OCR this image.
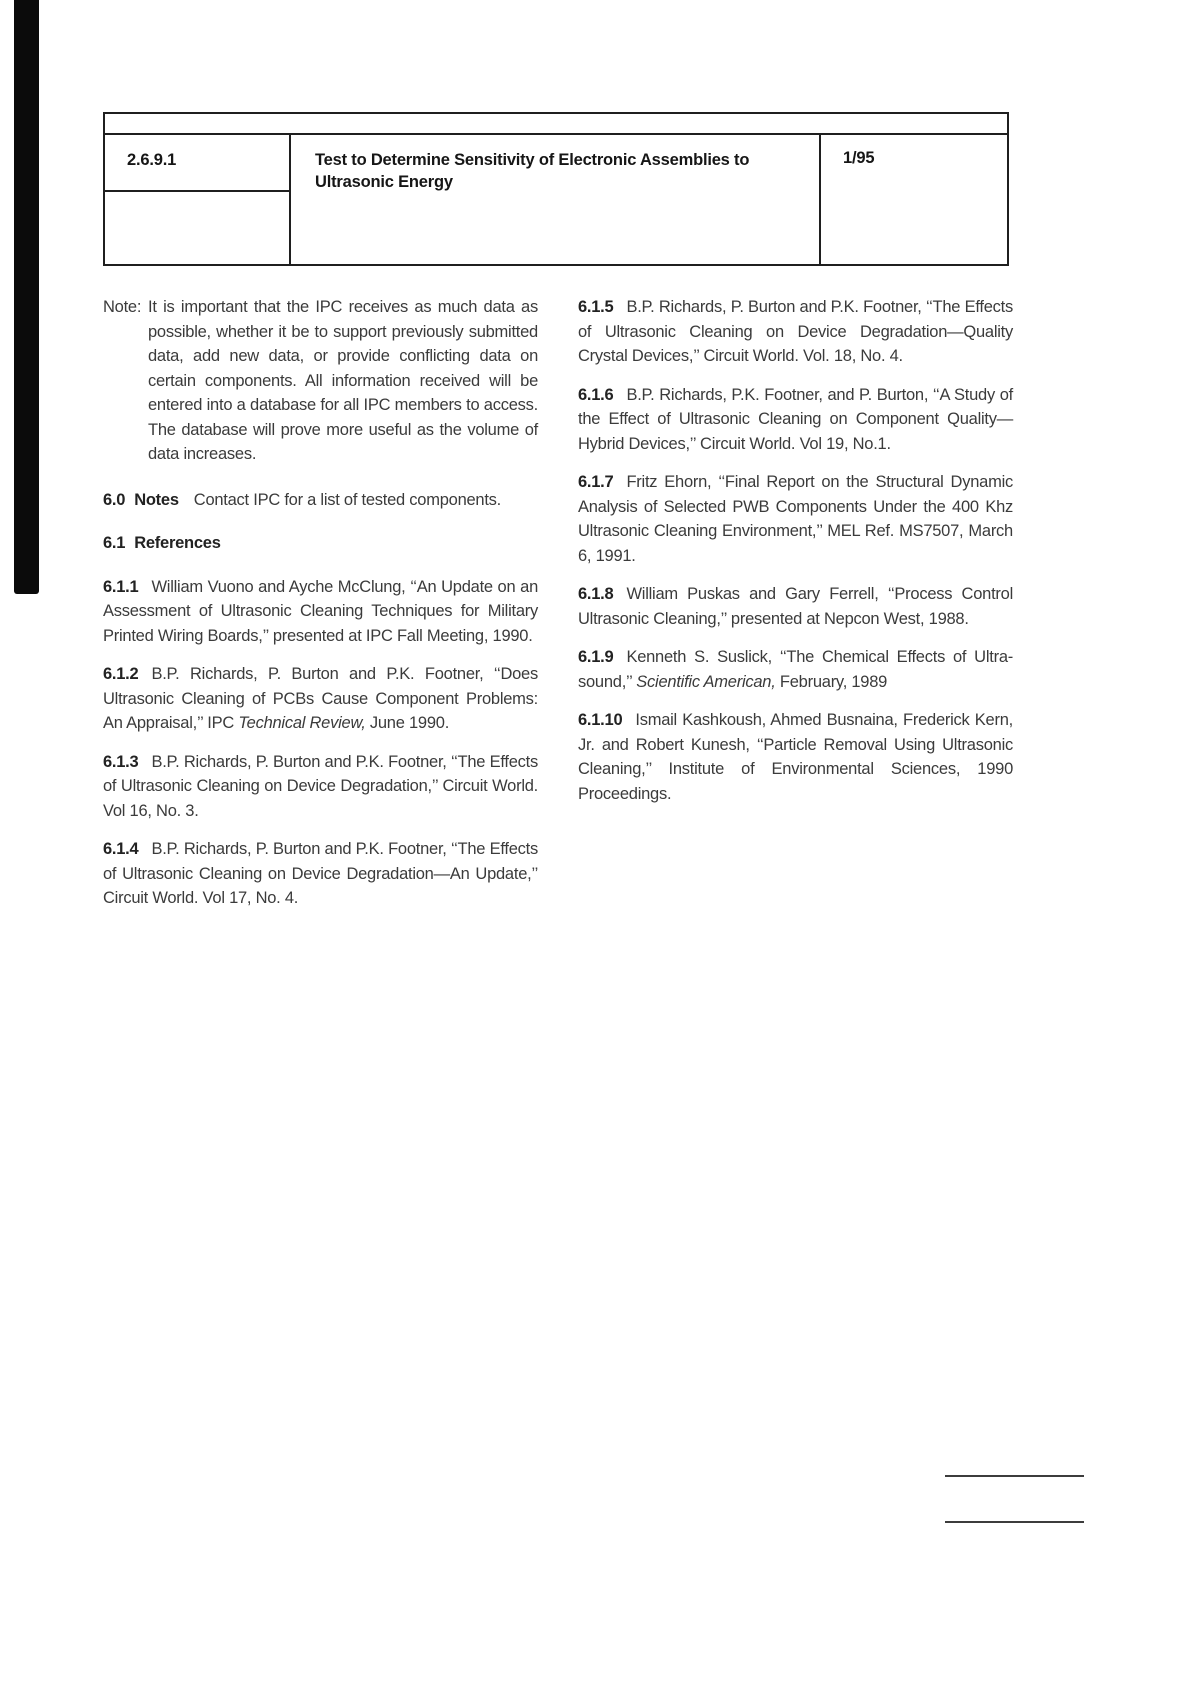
2.6.9.1	Test to Determine Sensitivity of Electronic Assemblies to Ultrasonic Energy
1/95

Note: It is important that the IPC receives as much data as possible, whether it be to support previously submitted data, add new data, or provide conflicting data on certain components. All information received will be entered into a database for all IPC members to access. The database will prove more useful as the volume of data increases.

6.0 Notes Contact IPC for a list of tested components.

6.1 References

6.1.1 William Vuono and Ayche McClung, ‘‘An Update on an Assessment of Ultrasonic Cleaning Techniques for Military Printed Wiring Boards,’’ presented at IPC Fall Meeting, 1990.

6.1.2 B.P. Richards, P. Burton and P.K. Footner, ‘‘Does Ultrasonic Cleaning of PCBs Cause Component Problems: An Appraisal,’’ IPC Technical Review, June 1990.

6.1.3 B.P. Richards, P. Burton and P.K. Footner, ‘‘The Effects of Ultrasonic Cleaning on Device Degradation,’’ Circuit World. Vol 16, No. 3.

6.1.4 B.P. Richards, P. Burton and P.K. Footner, ‘‘The Effects of Ultrasonic Cleaning on Device Degradation—An Update,’’ Circuit World. Vol 17, No. 4.

6.1.5 B.P. Richards, P. Burton and P.K. Footner, ‘‘The Effects of Ultrasonic Cleaning on Device Degradation—Quality Crystal Devices,’’ Circuit World. Vol. 18, No. 4.

6.1.6 B.P. Richards, P.K. Footner, and P. Burton, ‘‘A Study of the Effect of Ultrasonic Cleaning on Component Quality—Hybrid Devices,’’ Circuit World. Vol 19, No.1.

6.1.7 Fritz Ehorn, ‘‘Final Report on the Structural Dynamic Analysis of Selected PWB Components Under the 400 Khz Ultrasonic Cleaning Environment,’’ MEL Ref. MS7507, March 6, 1991.

6.1.8 William Puskas and Gary Ferrell, ‘‘Process Control Ultrasonic Cleaning,’’ presented at Nepcon West, 1988.

6.1.9 Kenneth S. Suslick, ‘‘The Chemical Effects of Ultra-sound,’’ Scientific American, February, 1989

6.1.10 Ismail Kashkoush, Ahmed Busnaina, Frederick Kern, Jr. and Robert Kunesh, ‘‘Particle Removal Using Ultrasonic Cleaning,’’ Institute of Environmental Sciences, 1990 Proceedings.
